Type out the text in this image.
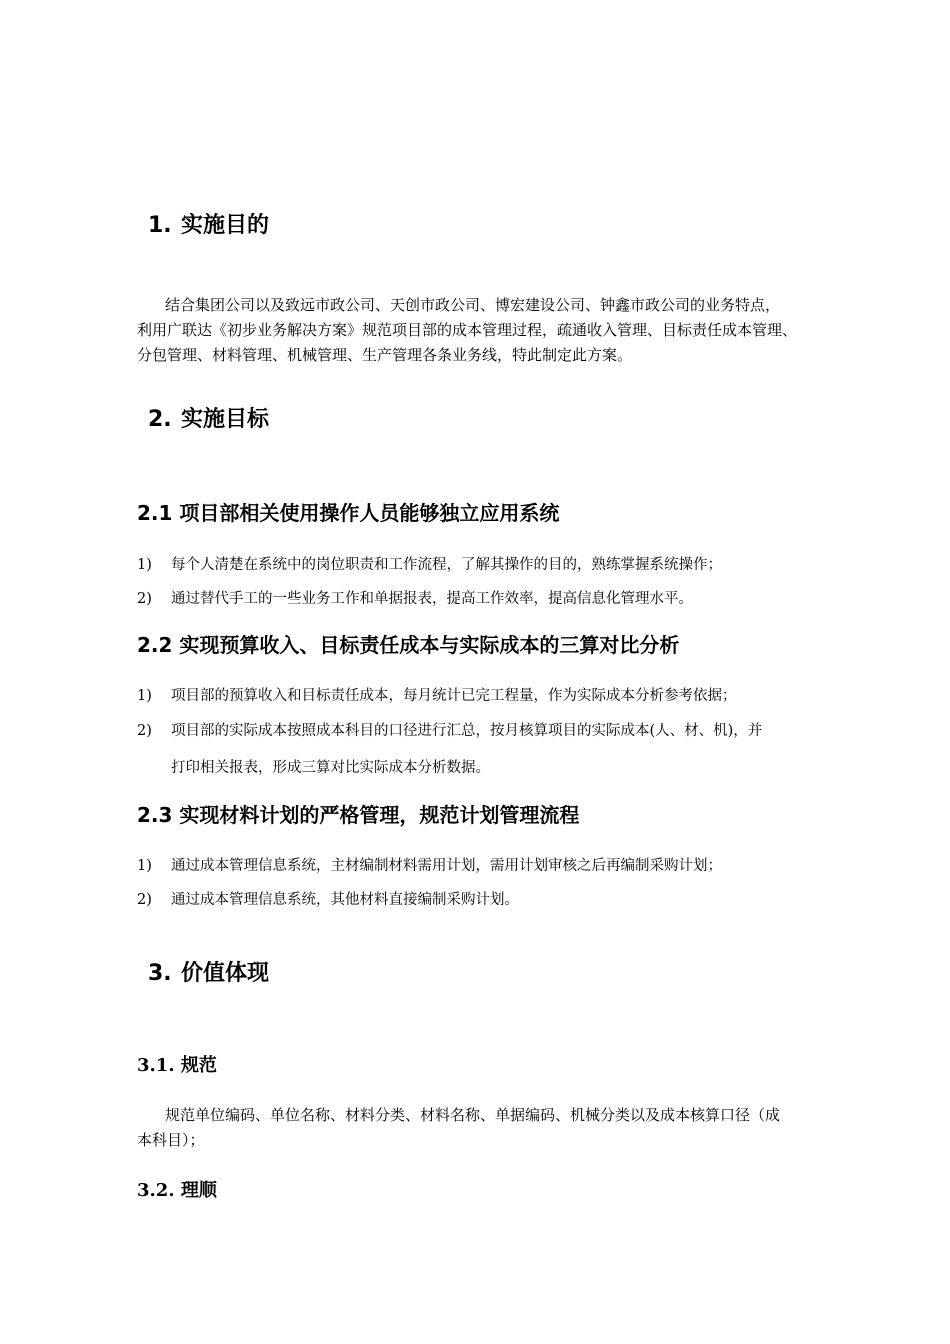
1. 实施目的
结合集团公司以及致远市政公司、天创市政公司、博宏建设公司、钟鑫市政公司的业务特点，
利用广联达《初步业务解决方案》规范项目部的成本管理过程，疏通收入管理、目标责任成本管理、
分包管理、材料管理、机械管理、生产管理各条业务线，特此制定此方案。
2. 实施目标
2.1 项目部相关使用操作人员能够独立应用系统
1) 每个人清楚在系统中的岗位职责和工作流程，了解其操作的目的，熟练掌握系统操作；
2) 通过替代手工的一些业务工作和单据报表，提高工作效率，提高信息化管理水平。
2.2 实现预算收入、目标责任成本与实际成本的三算对比分析
1) 项目部的预算收入和目标责任成本，每月统计已完工程量，作为实际成本分析参考依据；
2) 项目部的实际成本按照成本科目的口径进行汇总，按月核算项目的实际成本(人、材、机)，并
打印相关报表，形成三算对比实际成本分析数据。
2.3 实现材料计划的严格管理，规范计划管理流程
1) 通过成本管理信息系统，主材编制材料需用计划，需用计划审核之后再编制采购计划；
2) 通过成本管理信息系统，其他材料直接编制采购计划。
3. 价值体现
3.1. 规范
规范单位编码、单位名称、材料分类、材料名称、单据编码、机械分类以及成本核算口径（成
本科目）；
3.2. 理顺
